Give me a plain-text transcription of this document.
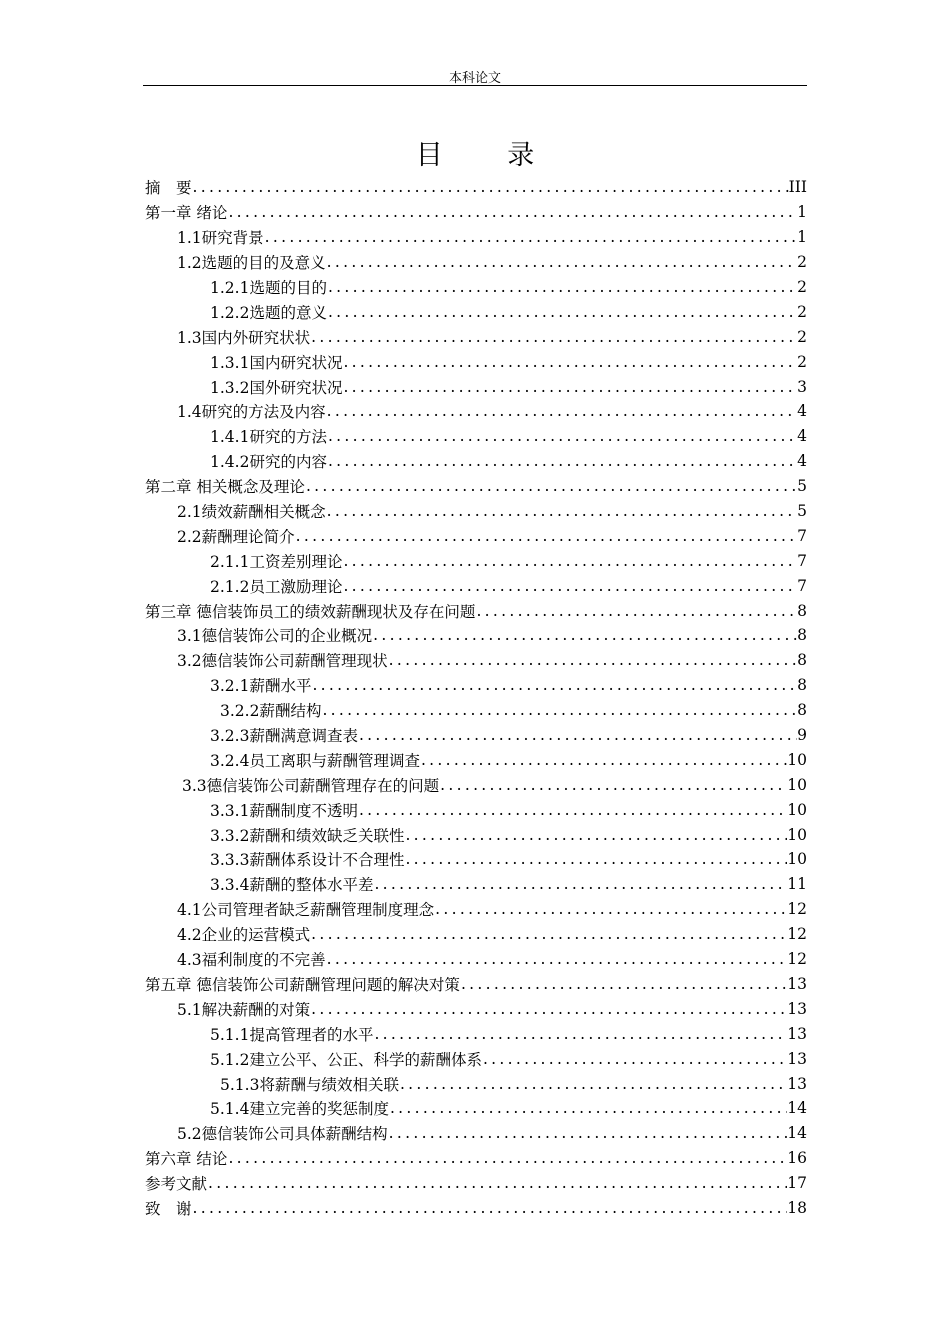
本科论文
目 录
摘　要 .....	III
第一章 绪论 .....	1
1.1研究背景 .....	1
1.2选题的目的及意义 .....	2
1.2.1选题的目的 .....	2
1.2.2选题的意义 .....	2
1.3国内外研究状状 .....	2
1.3.1国内研究状况 .....	2
1.3.2国外研究状况 .....	3
1.4研究的方法及内容 .....	4
1.4.1研究的方法 .....	4
1.4.2研究的内容 .....	4
第二章 相关概念及理论 .....	5
2.1绩效薪酬相关概念 .....	5
2.2薪酬理论简介 .....	7
2.1.1工资差别理论 .....	7
2.1.2员工激励理论 .....	7
第三章 德信装饰员工的绩效薪酬现状及存在问题 .....	8
3.1德信装饰公司的企业概况 .....	8
3.2德信装饰公司薪酬管理现状 .....	8
3.2.1薪酬水平 .....	8
3.2.2薪酬结构 .....	8
3.2.3薪酬满意调查表 .....	9
3.2.4员工离职与薪酬管理调查 .....	10
3.3德信装饰公司薪酬管理存在的问题 .....	10
3.3.1薪酬制度不透明 .....	10
3.3.2薪酬和绩效缺乏关联性 .....	10
3.3.3薪酬体系设计不合理性 .....	10
3.3.4薪酬的整体水平差 .....	11
4.1公司管理者缺乏薪酬管理制度理念 .....	12
4.2企业的运营模式 .....	12
4.3福利制度的不完善 .....	12
第五章 德信装饰公司薪酬管理问题的解决对策 .....	13
5.1解决薪酬的对策 .....	13
5.1.1提高管理者的水平 .....	13
5.1.2建立公平、公正、科学的薪酬体系 .....	13
5.1.3将薪酬与绩效相关联 .....	13
5.1.4建立完善的奖惩制度 .....	14
5.2德信装饰公司具体薪酬结构 .....	14
第六章 结论 .....	16
参考文献 .....	17
致　谢 .....	18
